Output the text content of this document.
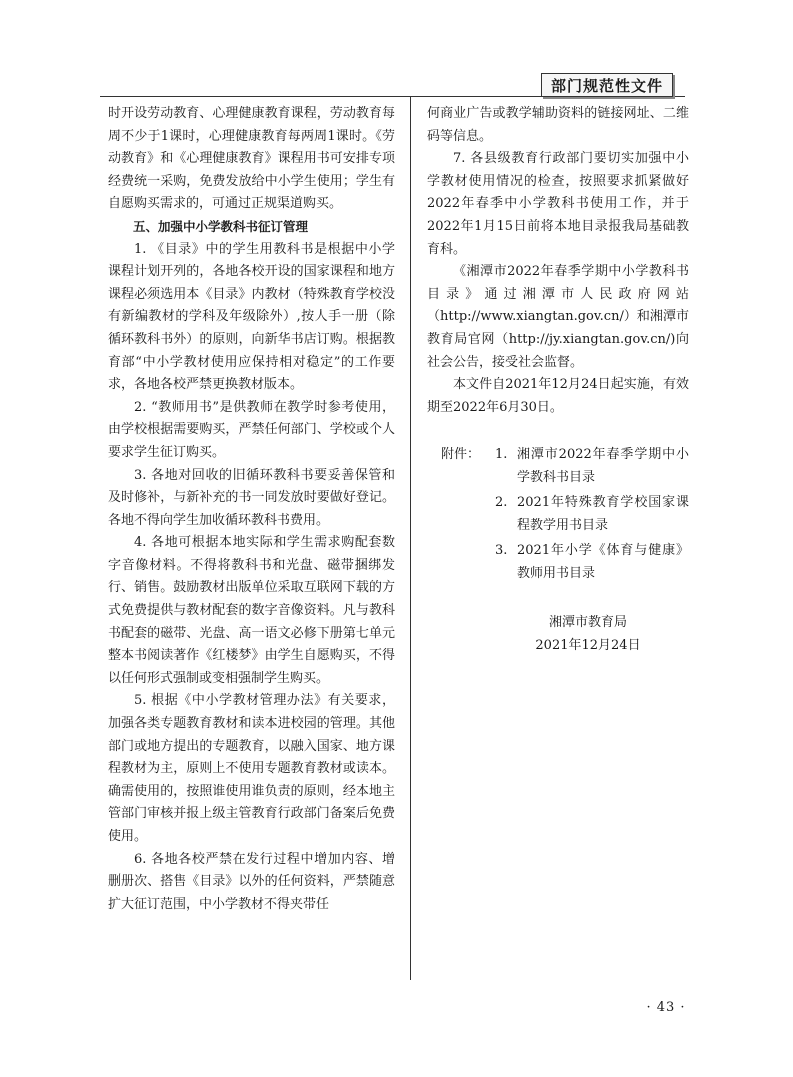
部门规范性文件

时开设劳动教育、心理健康教育课程，劳动教育每周不少于1课时，心理健康教育每两周1课时。《劳动教育》和《心理健康教育》课程用书可安排专项经费统一采购，免费发放给中小学生使用；学生有自愿购买需求的，可通过正规渠道购买。

五、加强中小学教科书征订管理

1. 《目录》中的学生用教科书是根据中小学课程计划开列的，各地各校开设的国家课程和地方课程必须选用本《目录》内教材（特殊教育学校没有新编教材的学科及年级除外）,按人手一册（除循环教科书外）的原则，向新华书店订购。根据教育部“中小学教材使用应保持相对稳定”的工作要求，各地各校严禁更换教材版本。

2. “教师用书”是供教师在教学时参考使用，由学校根据需要购买，严禁任何部门、学校或个人要求学生征订购买。

3. 各地对回收的旧循环教科书要妥善保管和及时修补，与新补充的书一同发放时要做好登记。各地不得向学生加收循环教科书费用。

4. 各地可根据本地实际和学生需求购配套数字音像材料。不得将教科书和光盘、磁带捆绑发行、销售。鼓励教材出版单位采取互联网下载的方式免费提供与教材配套的数字音像资料。凡与教科书配套的磁带、光盘、高一语文必修下册第七单元整本书阅读著作《红楼梦》由学生自愿购买，不得以任何形式强制或变相强制学生购买。

5. 根据《中小学教材管理办法》有关要求，加强各类专题教育教材和读本进校园的管理。其他部门或地方提出的专题教育，以融入国家、地方课程教材为主，原则上不使用专题教育教材或读本。确需使用的，按照谁使用谁负责的原则，经本地主管部门审核并报上级主管教育行政部门备案后免费使用。

6. 各地各校严禁在发行过程中增加内容、增删册次、搭售《目录》以外的任何资料，严禁随意扩大征订范围，中小学教材不得夹带任

何商业广告或教学辅助资料的链接网址、二维码等信息。

7. 各县级教育行政部门要切实加强中小学教材使用情况的检查，按照要求抓紧做好2022年春季中小学教科书使用工作，并于2022年1月15日前将本地目录报我局基础教育科。

《湘潭市2022年春季学期中小学教科书目录》通过湘潭市人民政府网站（http://www.xiangtan.gov.cn/）和湘潭市教育局官网（http://jy.xiangtan.gov.cn/)向社会公告，接受社会监督。

本文件自2021年12月24日起实施，有效期至2022年6月30日。

附件：	1. 湘潭市2022年春季学期中小学教科书目录
2. 2021年特殊教育学校国家课程教学用书目录
3. 2021年小学《体育与健康》教师用书目录
湘潭市教育局
2021年12月24日
· 43 ·
